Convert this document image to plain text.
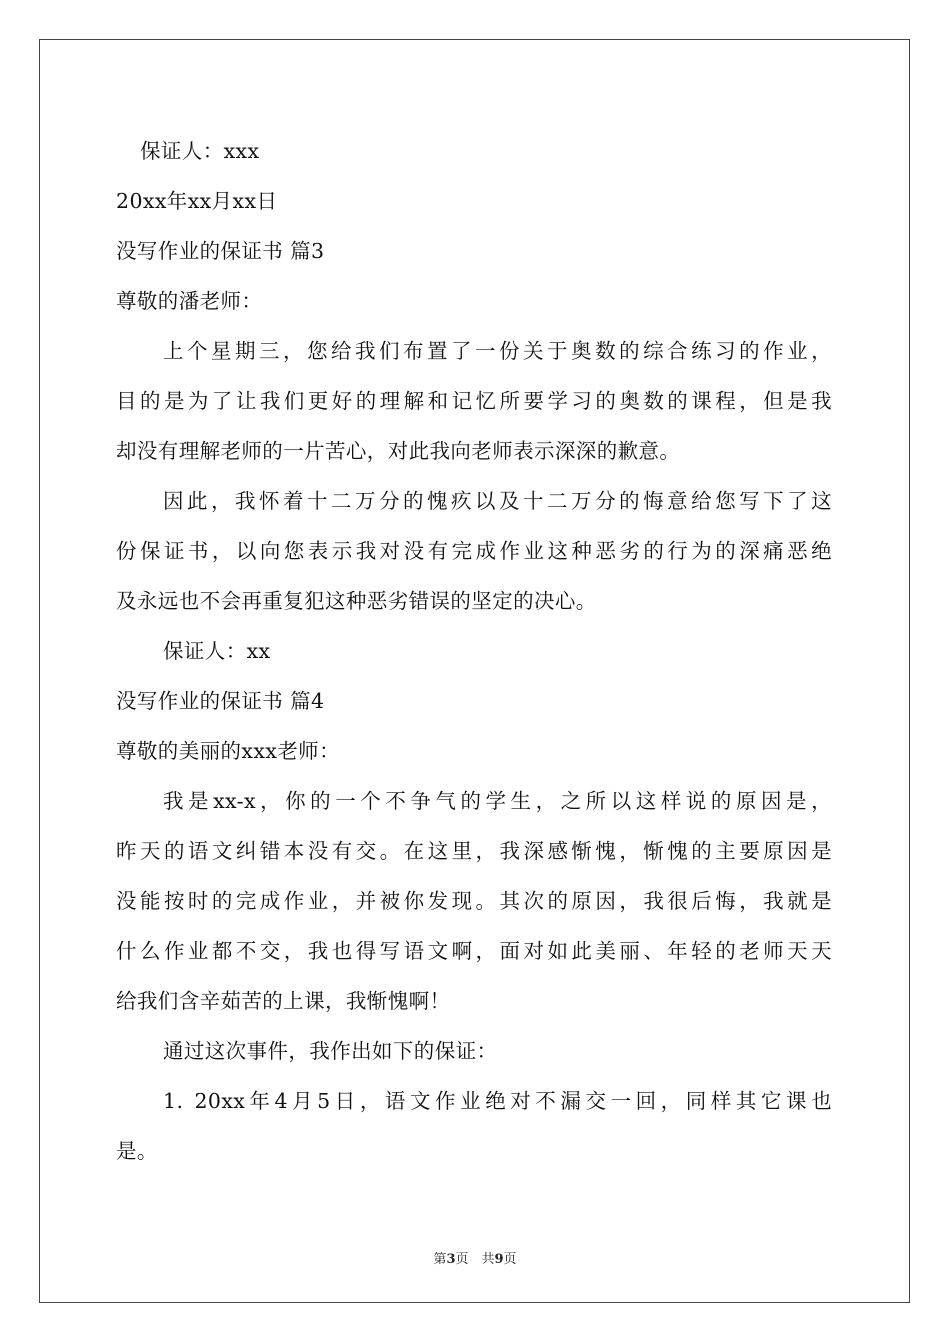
保证人：xxx
20xx年xx月xx日
没写作业的保证书 篇3
尊敬的潘老师：
上个星期三，您给我们布置了一份关于奥数的综合练习的作业，
目的是为了让我们更好的理解和记忆所要学习的奥数的课程，但是我
却没有理解老师的一片苦心，对此我向老师表示深深的歉意。
因此，我怀着十二万分的愧疚以及十二万分的悔意给您写下了这
份保证书，以向您表示我对没有完成作业这种恶劣的行为的深痛恶绝
及永远也不会再重复犯这种恶劣错误的坚定的决心。
保证人：xx
没写作业的保证书 篇4
尊敬的美丽的xxx老师：
我是xx-x，你的一个不争气的学生，之所以这样说的原因是，
昨天的语文纠错本没有交。在这里，我深感惭愧，惭愧的主要原因是
没能按时的完成作业，并被你发现。其次的原因，我很后悔，我就是
什么作业都不交，我也得写语文啊，面对如此美丽、年轻的老师天天
给我们含辛茹苦的上课，我惭愧啊！
通过这次事件，我作出如下的保证：
1. 20xx年4月5日，语文作业绝对不漏交一回，同样其它课也
是。
第3页　共9页
